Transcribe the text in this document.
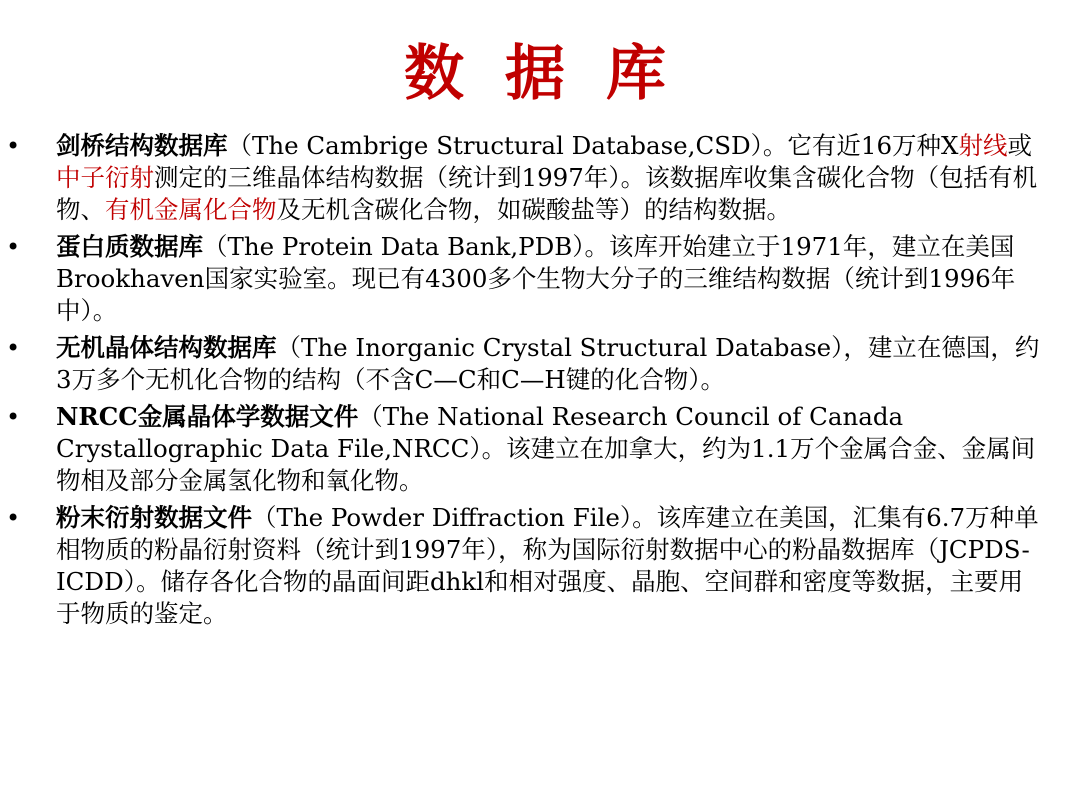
数 据 库
• 剑桥结构数据库（The Cambrige Structural Database,CSD）。它有近16万种X射线或中子衍射测定的三维晶体结构数据（统计到1997年）。该数据库收集含碳化合物（包括有机物、有机金属化合物及无机含碳化合物，如碳酸盐等）的结构数据。
• 蛋白质数据库（The Protein Data Bank,PDB）。该库开始建立于1971年，建立在美国Brookhaven国家实验室。现已有4300多个生物大分子的三维结构数据（统计到1996年中）。
• 无机晶体结构数据库（The Inorganic Crystal Structural Database），建立在德国，约3万多个无机化合物的结构（不含C—C和C—H键的化合物）。
• NRCC金属晶体学数据文件（The National Research Council of Canada Crystallographic Data File,NRCC）。该建立在加拿大，约为1.1万个金属合金、金属间物相及部分金属氢化物和氧化物。
• 粉末衍射数据文件（The Powder Diffraction File）。该库建立在美国，汇集有6.7万种单相物质的粉晶衍射资料（统计到1997年），称为国际衍射数据中心的粉晶数据库（JCPDS-ICDD）。储存各化合物的晶面间距dhkl和相对强度、晶胞、空间群和密度等数据，主要用于物质的鉴定。
